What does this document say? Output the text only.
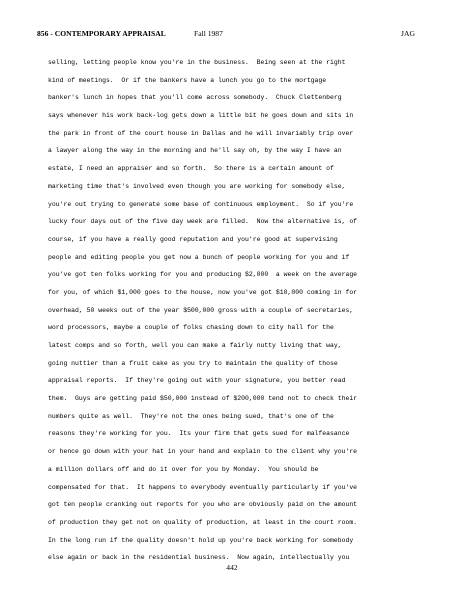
856 - CONTEMPORARY APPRAISAL	Fall 1987	JAG
selling, letting people know you're in the business.  Being seen at the right
kind of meetings.  Or if the bankers have a lunch you go to the mortgage
banker's lunch in hopes that you'll come across somebody.  Chuck Clettenberg
says whenever his work back-log gets down a little bit he goes down and sits in
the park in front of the court house in Dallas and he will invariably trip over
a lawyer along the way in the morning and he'll say oh, by the way I have an
estate, I need an appraiser and so forth.  So there is a certain amount of
marketing time that's involved even though you are working for somebody else,
you're out trying to generate some base of continuous employment.  So if you're
lucky four days out of the five day week are filled.  Now the alternative is, of
course, if you have a really good reputation and you're good at supervising
people and editing people you get now a bunch of people working for you and if
you've got ten folks working for you and producing $2,000  a week on the average
for you, of which $1,000 goes to the house, now you've got $10,000 coming in for
overhead, 50 weeks out of the year $500,000 gross with a couple of secretaries,
word processors, maybe a couple of folks chasing down to city hall for the
latest comps and so forth, well you can make a fairly nutty living that way,
going nuttier than a fruit cake as you try to maintain the quality of those
appraisal reports.  If they're going out with your signature, you better read
them.  Guys are getting paid $50,000 instead of $200,000 tend not to check their
numbers quite as well.  They're not the ones being sued, that's one of the
reasons they're working for you.  Its your firm that gets sued for malfeasance
or hence go down with your hat in your hand and explain to the client why you're
a million dollars off and do it over for you by Monday.  You should be
compensated for that.  It happens to everybody eventually particularly if you've
got ten people cranking out reports for you who are obviously paid on the amount
of production they get not on quality of production, at least in the court room.
In the long run if the quality doesn't hold up you're back working for somebody
else again or back in the residential business.  Now again, intellectually you
442
